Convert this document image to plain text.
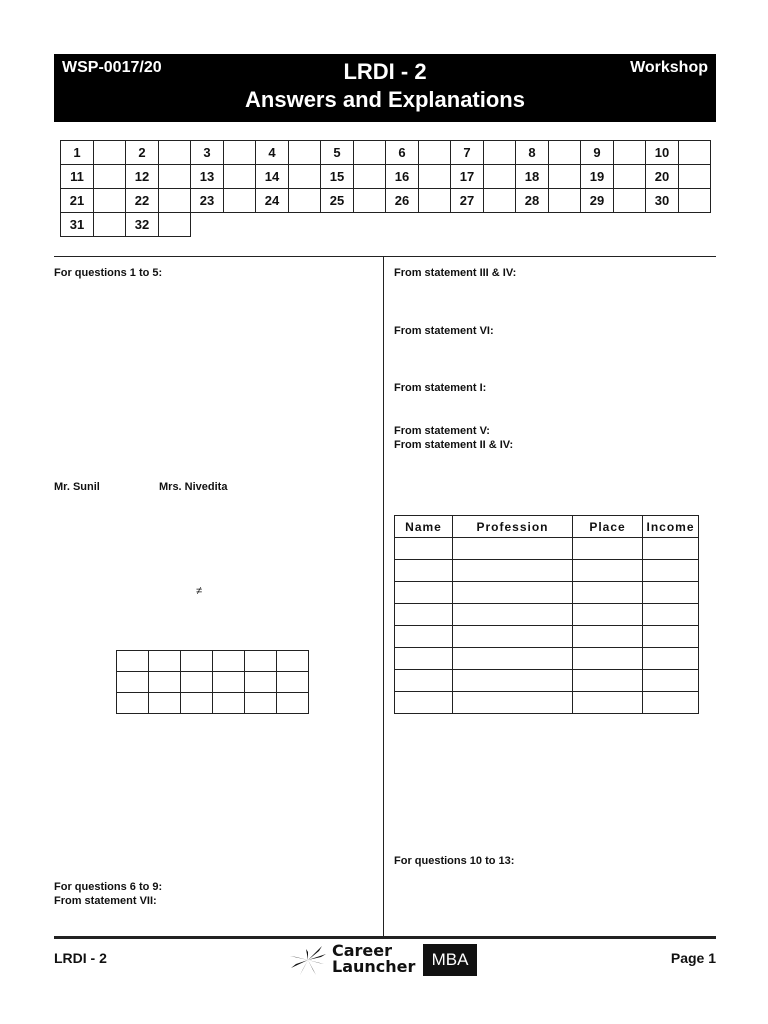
WSP-0017/20	LRDI - 2
Answers and Explanations
Workshop
1		2		3		4		5		6		7		8		9		10	
11		12		13		14		15		16		17		18		19		20	
21		22		23		24		25		26		27		28		29		30	
31		32																	
For questions 1 to 5:
Mr. Sunil	Mrs. Nivedita
≠

For questions 6 to 9:
From statement VII:
From statement III & IV:
From statement VI:
From statement I:
From statement V:
From statement II & IV:
Name	Profession	Place	Income

For questions 10 to 13:
LRDI - 2	Career
Launcher MBA	Page 1
